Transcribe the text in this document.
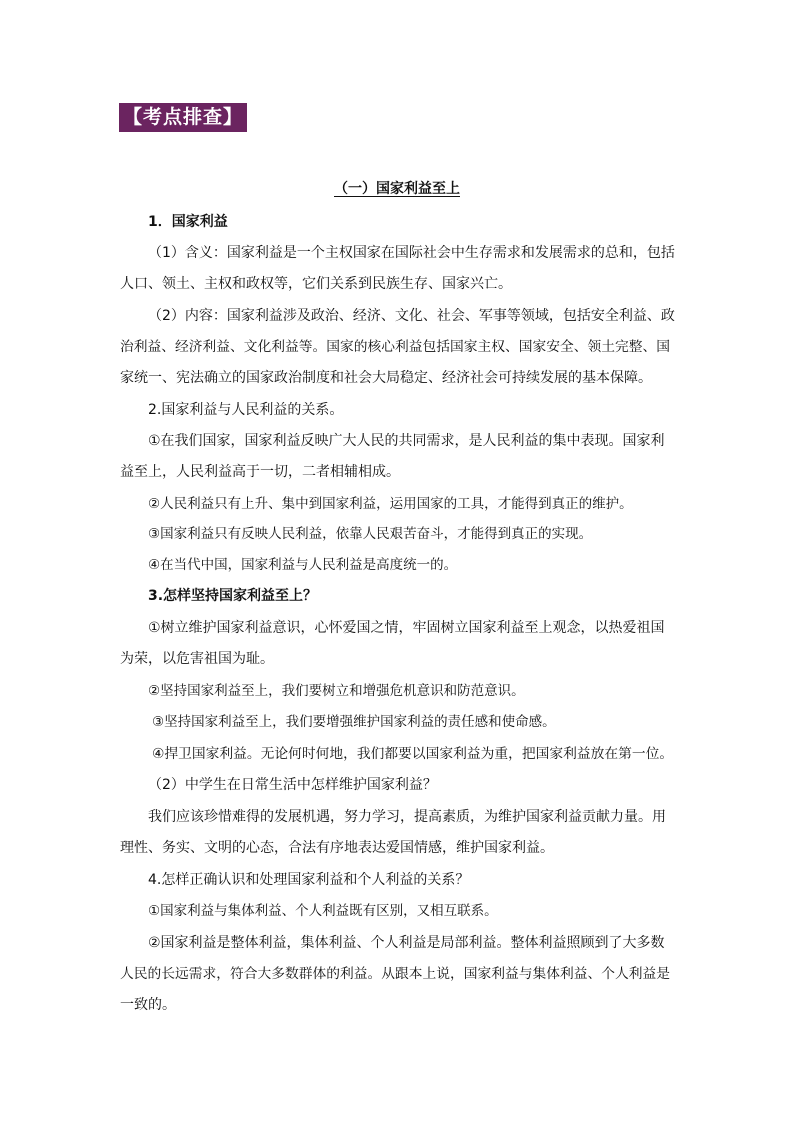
【考点排查】
（一）国家利益至上
1．国家利益
（1）含义：国家利益是一个主权国家在国际社会中生存需求和发展需求的总和，包括
人口、领土、主权和政权等，它们关系到民族生存、国家兴亡。
（2）内容：国家利益涉及政治、经济、文化、社会、军事等领域，包括安全利益、政
治利益、经济利益、文化利益等。国家的核心利益包括国家主权、国家安全、领土完整、国
家统一、宪法确立的国家政治制度和社会大局稳定、经济社会可持续发展的基本保障。
2.国家利益与人民利益的关系。
①在我们国家，国家利益反映广大人民的共同需求，是人民利益的集中表现。国家利
益至上，人民利益高于一切，二者相辅相成。
②人民利益只有上升、集中到国家利益，运用国家的工具，才能得到真正的维护。
③国家利益只有反映人民利益，依靠人民艰苦奋斗，才能得到真正的实现。
④在当代中国，国家利益与人民利益是高度统一的。
3.怎样坚持国家利益至上？
①树立维护国家利益意识，心怀爱国之情，牢固树立国家利益至上观念，以热爱祖国
为荣，以危害祖国为耻。
②坚持国家利益至上，我们要树立和增强危机意识和防范意识。
③坚持国家利益至上，我们要增强维护国家利益的责任感和使命感。
④捍卫国家利益。无论何时何地，我们都要以国家利益为重，把国家利益放在第一位。
（2）中学生在日常生活中怎样维护国家利益？
我们应该珍惜难得的发展机遇，努力学习，提高素质，为维护国家利益贡献力量。用
理性、务实、文明的心态，合法有序地表达爱国情感，维护国家利益。
4.怎样正确认识和处理国家利益和个人利益的关系？
①国家利益与集体利益、个人利益既有区别，又相互联系。
②国家利益是整体利益，集体利益、个人利益是局部利益。整体利益照顾到了大多数
人民的长远需求，符合大多数群体的利益。从跟本上说，国家利益与集体利益、个人利益是
一致的。
